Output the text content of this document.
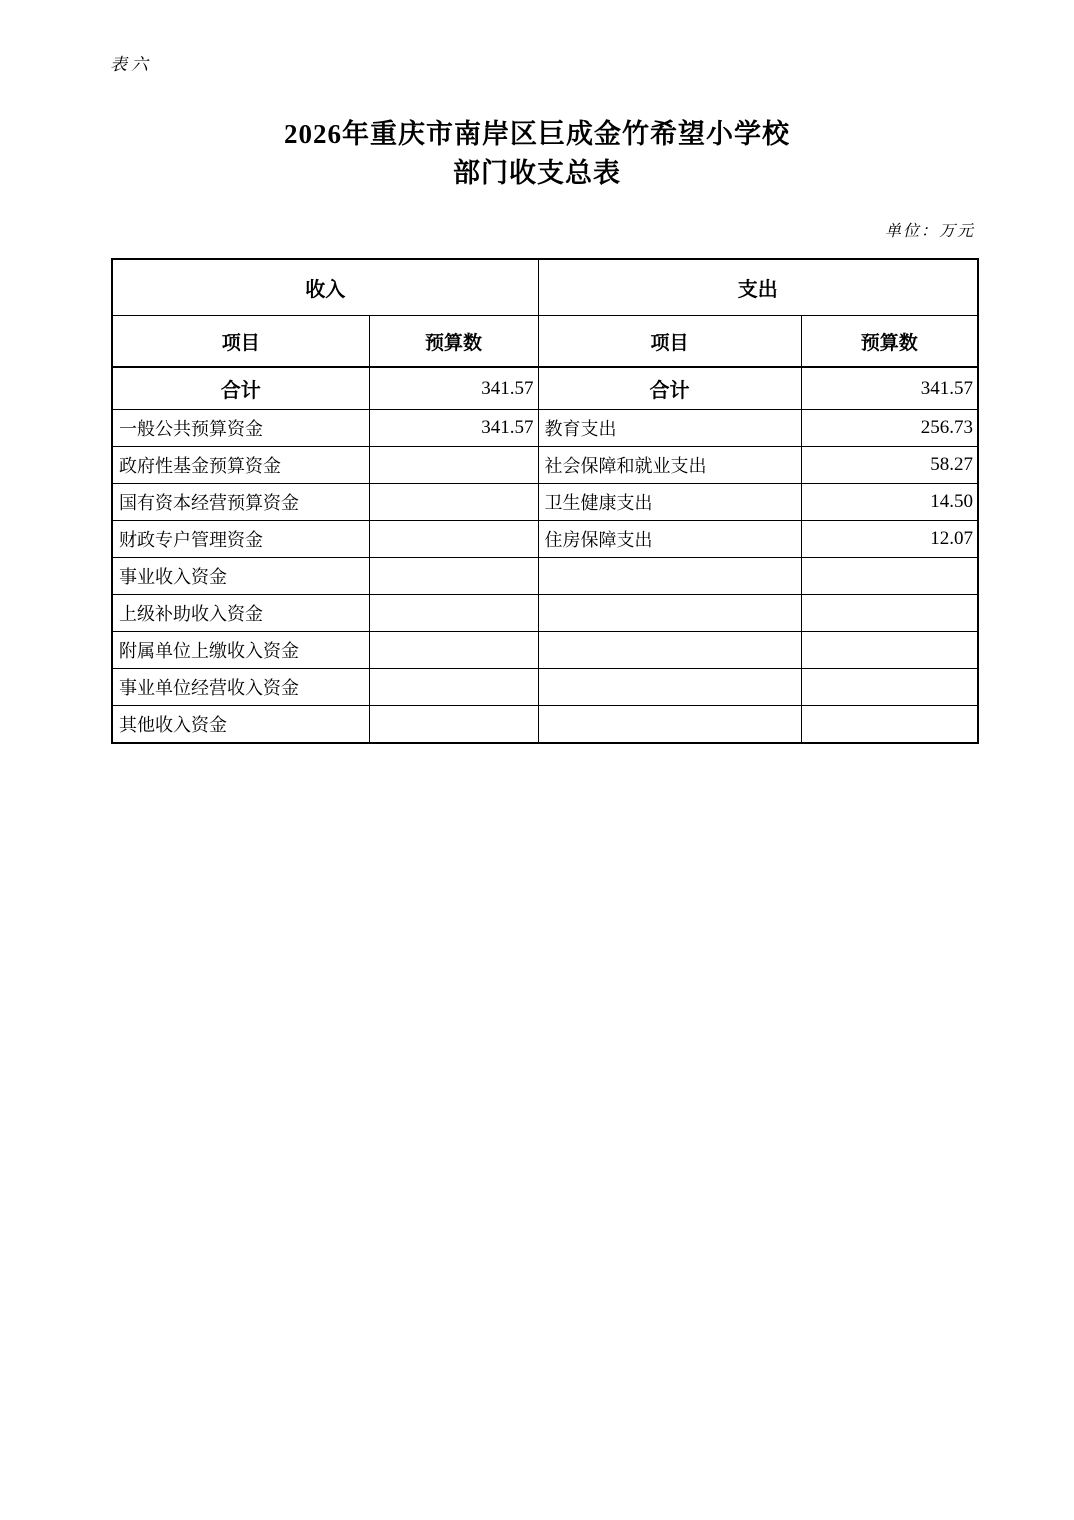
表六
2026年重庆市南岸区巨成金竹希望小学校
部门收支总表
单位：万元
收入		支出	
项目	预算数	项目	预算数
合计	341.57	合计	341.57
一般公共预算资金	341.57	教育支出	256.73
政府性基金预算资金		社会保障和就业支出	58.27
国有资本经营预算资金		卫生健康支出	14.50
财政专户管理资金		住房保障支出	12.07
事业收入资金			
上级补助收入资金			
附属单位上缴收入资金			
事业单位经营收入资金			
其他收入资金			
